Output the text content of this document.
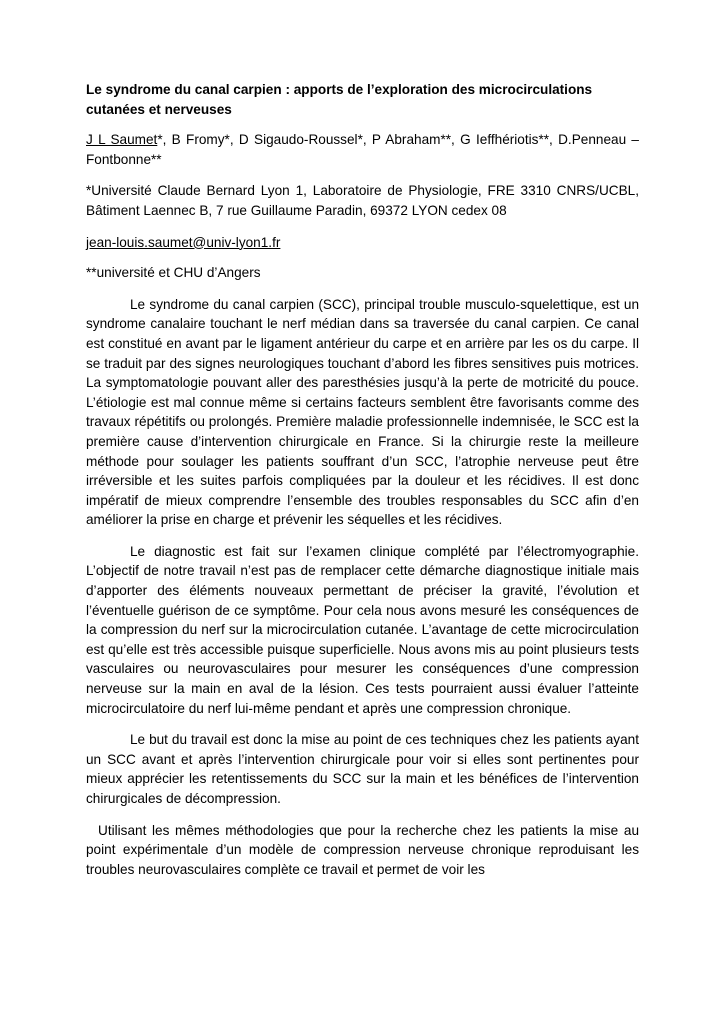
Le syndrome du canal carpien : apports de l’exploration des microcirculations cutanées et nerveuses
J L Saumet*, B Fromy*, D Sigaudo-Roussel*, P Abraham**, G Ieffhériotis**, D.Penneau –Fontbonne**
*Université Claude Bernard Lyon 1, Laboratoire de Physiologie, FRE 3310 CNRS/UCBL, Bâtiment Laennec B, 7 rue Guillaume Paradin, 69372 LYON cedex 08
jean-louis.saumet@univ-lyon1.fr
**université et CHU d’Angers

Le syndrome du canal carpien (SCC), principal trouble musculo-squelettique, est un syndrome canalaire touchant le nerf médian dans sa traversée du canal carpien. Ce canal est constitué en avant par le ligament antérieur du carpe et en arrière par les os du carpe. Il se traduit par des signes neurologiques touchant d’abord les fibres sensitives puis motrices. La symptomatologie pouvant aller des paresthésies jusqu’à la perte de motricité du pouce. L’étiologie est mal connue même si certains facteurs semblent être favorisants comme des travaux répétitifs ou prolongés. Première maladie professionnelle indemnisée, le SCC est la première cause d’intervention chirurgicale en France. Si la chirurgie reste la meilleure méthode pour soulager les patients souffrant d’un SCC, l’atrophie nerveuse peut être irréversible et les suites parfois compliquées par la douleur et les récidives. Il est donc impératif de mieux comprendre l’ensemble des troubles responsables du SCC afin d’en améliorer la prise en charge et prévenir les séquelles et les récidives.

Le diagnostic est fait sur l’examen clinique complété par l’électromyographie. L’objectif de notre travail n’est pas de remplacer cette démarche diagnostique initiale mais d’apporter des éléments nouveaux permettant de préciser la gravité, l’évolution et l’éventuelle guérison de ce symptôme. Pour cela nous avons mesuré les conséquences de la compression du nerf sur la microcirculation cutanée. L’avantage de cette microcirculation est qu’elle est très accessible puisque superficielle. Nous avons mis au point plusieurs tests vasculaires ou neurovasculaires pour mesurer les conséquences d’une compression nerveuse sur la main en aval de la lésion. Ces tests pourraient aussi évaluer l’atteinte microcirculatoire du nerf lui-même pendant et après une compression chronique.

Le but du travail est donc la mise au point de ces techniques chez les patients ayant un SCC avant et après l’intervention chirurgicale pour voir si elles sont pertinentes pour mieux apprécier les retentissements du SCC sur la main et les bénéfices de l’intervention chirurgicales de décompression.

Utilisant les mêmes méthodologies que pour la recherche chez les patients la mise au point expérimentale d’un modèle de compression nerveuse chronique reproduisant les troubles neurovasculaires complète ce travail et permet de voir les
